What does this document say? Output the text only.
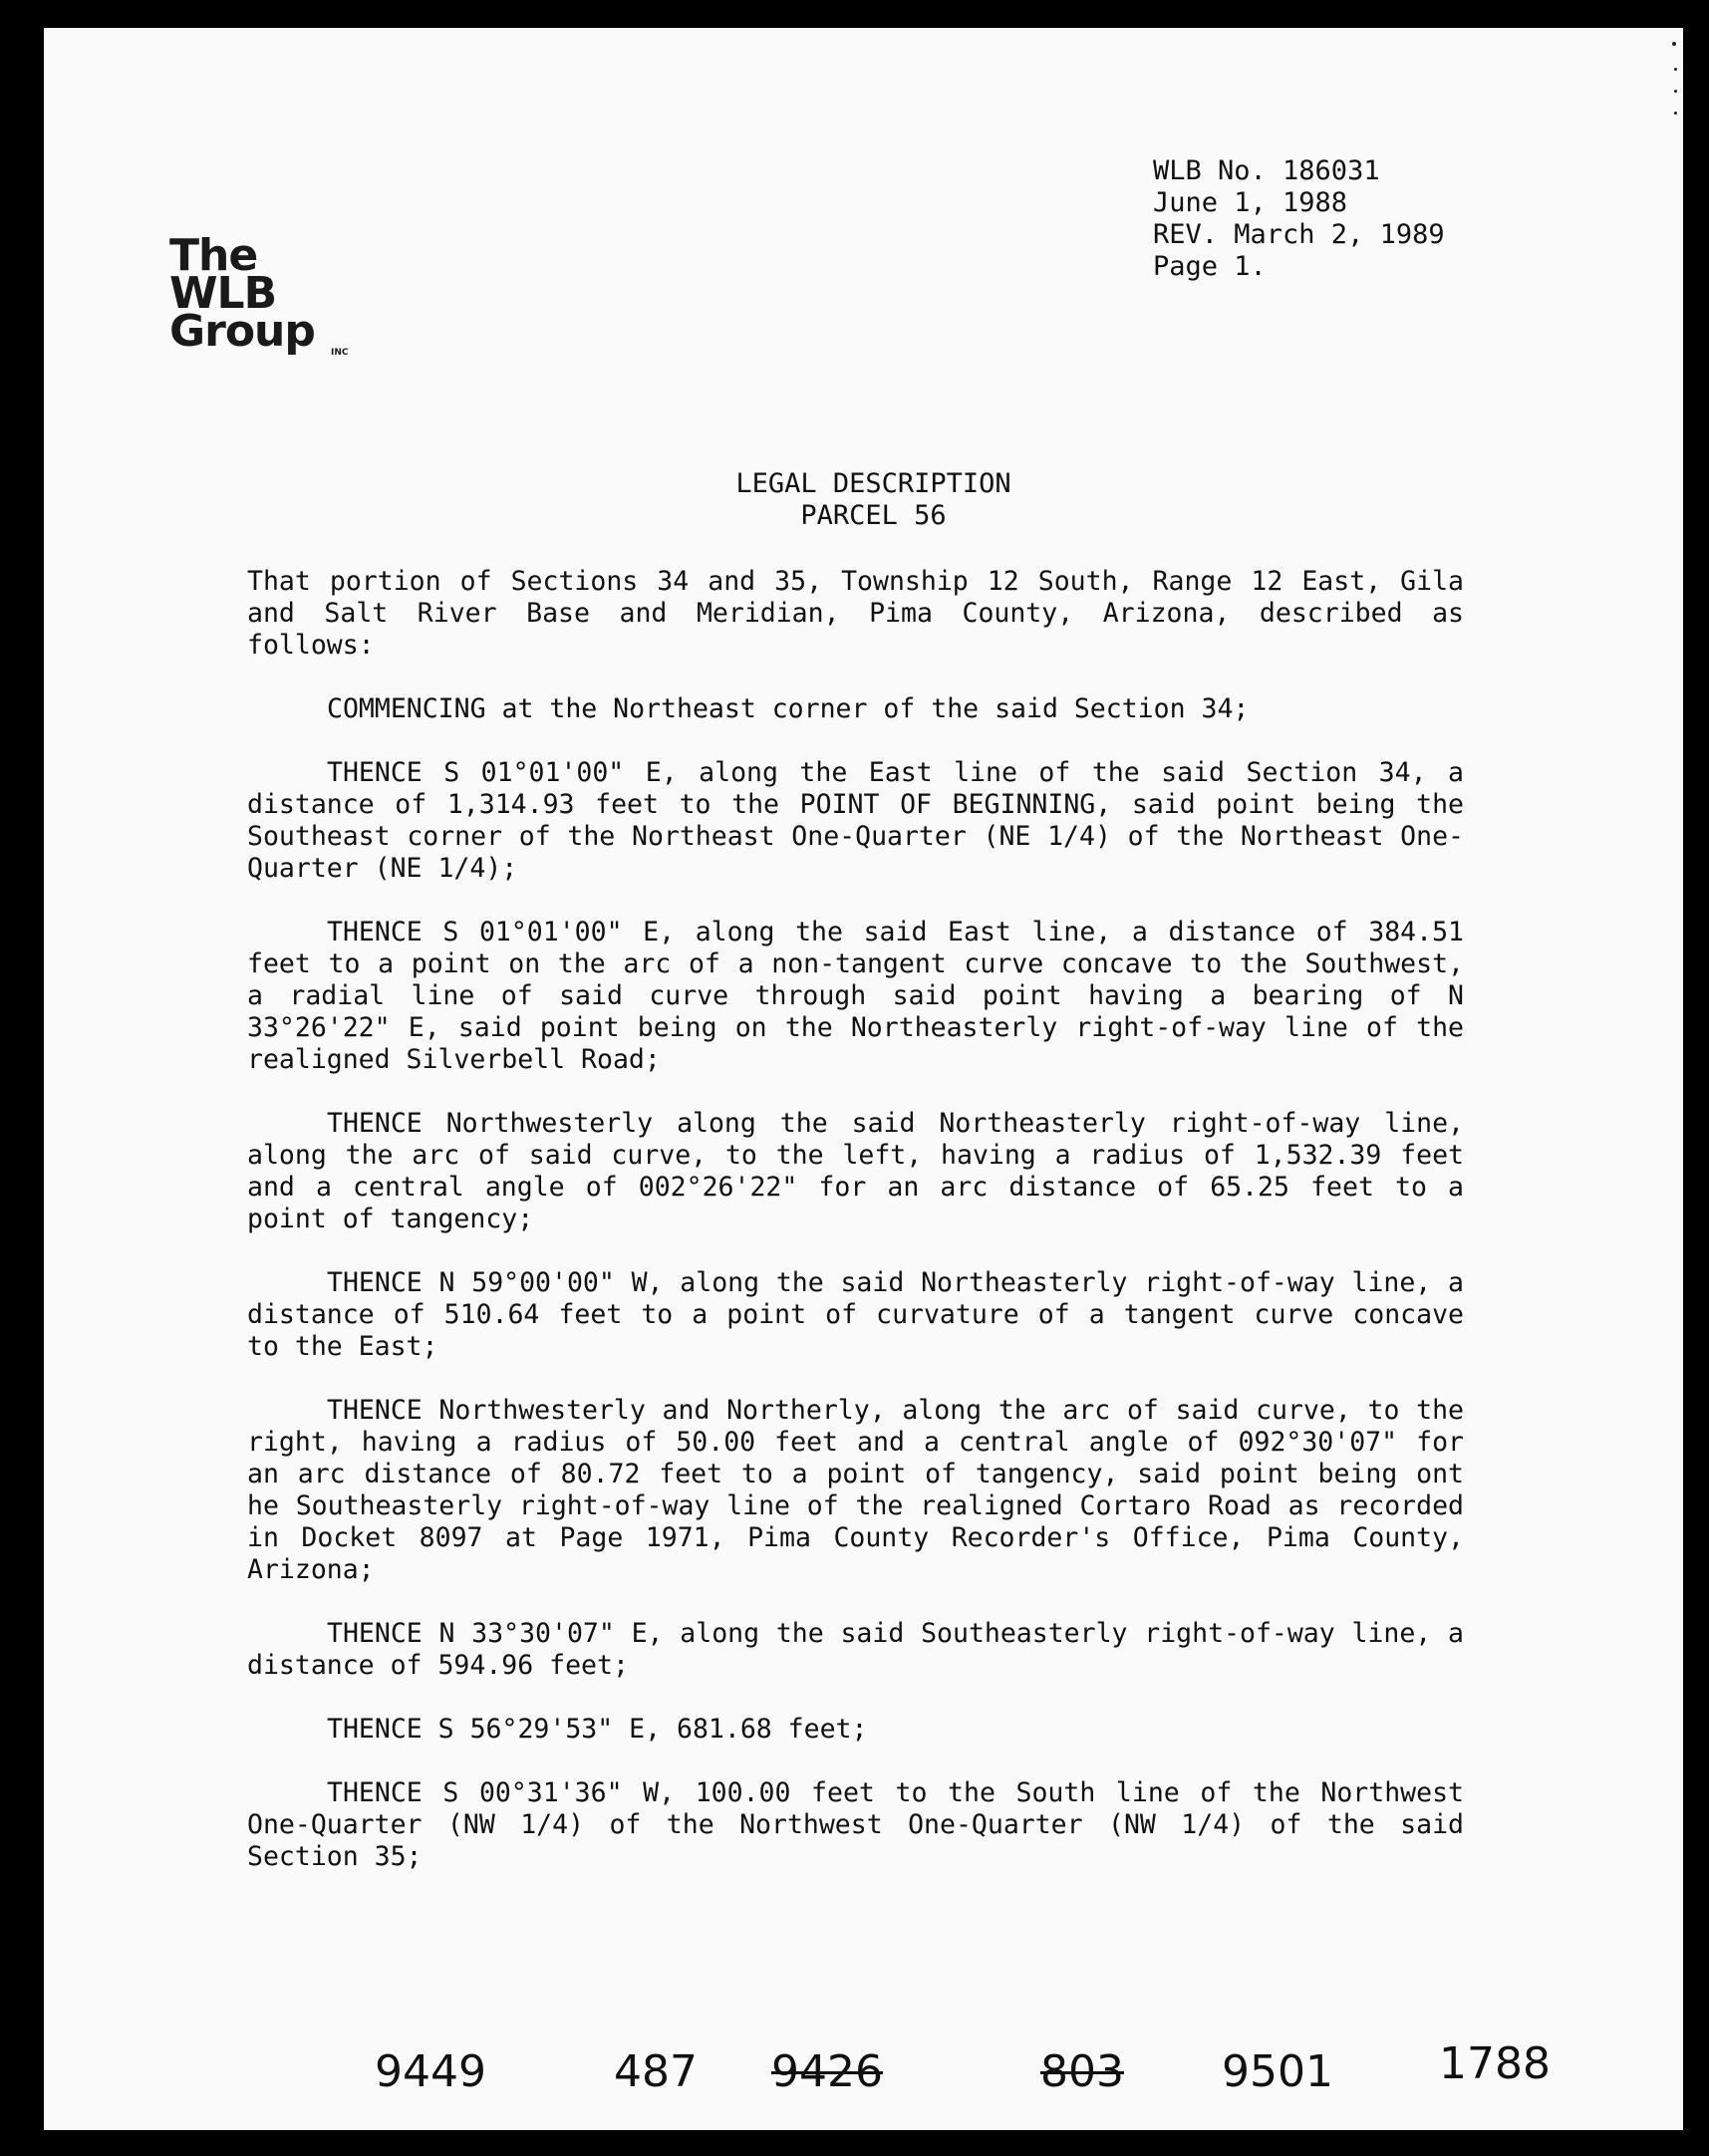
WLB No. 186031
June 1, 1988
REV. March 2, 1989
Page 1.
The
WLB
Group INC
LEGAL DESCRIPTION
PARCEL 56

That portion of Sections 34 and 35, Township 12 South, Range 12 East, Gila and Salt River Base and Meridian, Pima County, Arizona, described as follows:

COMMENCING at the Northeast corner of the said Section 34;

THENCE S 01°01'00" E, along the East line of the said Section 34, a distance of 1,314.93 feet to the POINT OF BEGINNING, said point being the Southeast corner of the Northeast One-Quarter (NE 1/4) of the Northeast One-Quarter (NE 1/4);

THENCE S 01°01'00" E, along the said East line, a distance of 384.51 feet to a point on the arc of a non-tangent curve concave to the Southwest, a radial line of said curve through said point having a bearing of N 33°26'22" E, said point being on the Northeasterly right-of-way line of the realigned Silverbell Road;

THENCE Northwesterly along the said Northeasterly right-of-way line, along the arc of said curve, to the left, having a radius of 1,532.39 feet and a central angle of 002°26'22" for an arc distance of 65.25 feet to a point of tangency;

THENCE N 59°00'00" W, along the said Northeasterly right-of-way line, a distance of 510.64 feet to a point of curvature of a tangent curve concave to the East;

THENCE Northwesterly and Northerly, along the arc of said curve, to the right, having a radius of 50.00 feet and a central angle of 092°30'07" for an arc distance of 80.72 feet to a point of tangency, said point being ont he Southeasterly right-of-way line of the realigned Cortaro Road as recorded in Docket 8097 at Page 1971, Pima County Recorder's Office, Pima County, Arizona;

THENCE N 33°30'07" E, along the said Southeasterly right-of-way line, a distance of 594.96 feet;

THENCE S 56°29'53" E, 681.68 feet;

THENCE S 00°31'36" W, 100.00 feet to the South line of the Northwest One-Quarter (NW 1/4) of the Northwest One-Quarter (NW 1/4) of the said Section 35;

9449	487 9426	803 9501 1788
